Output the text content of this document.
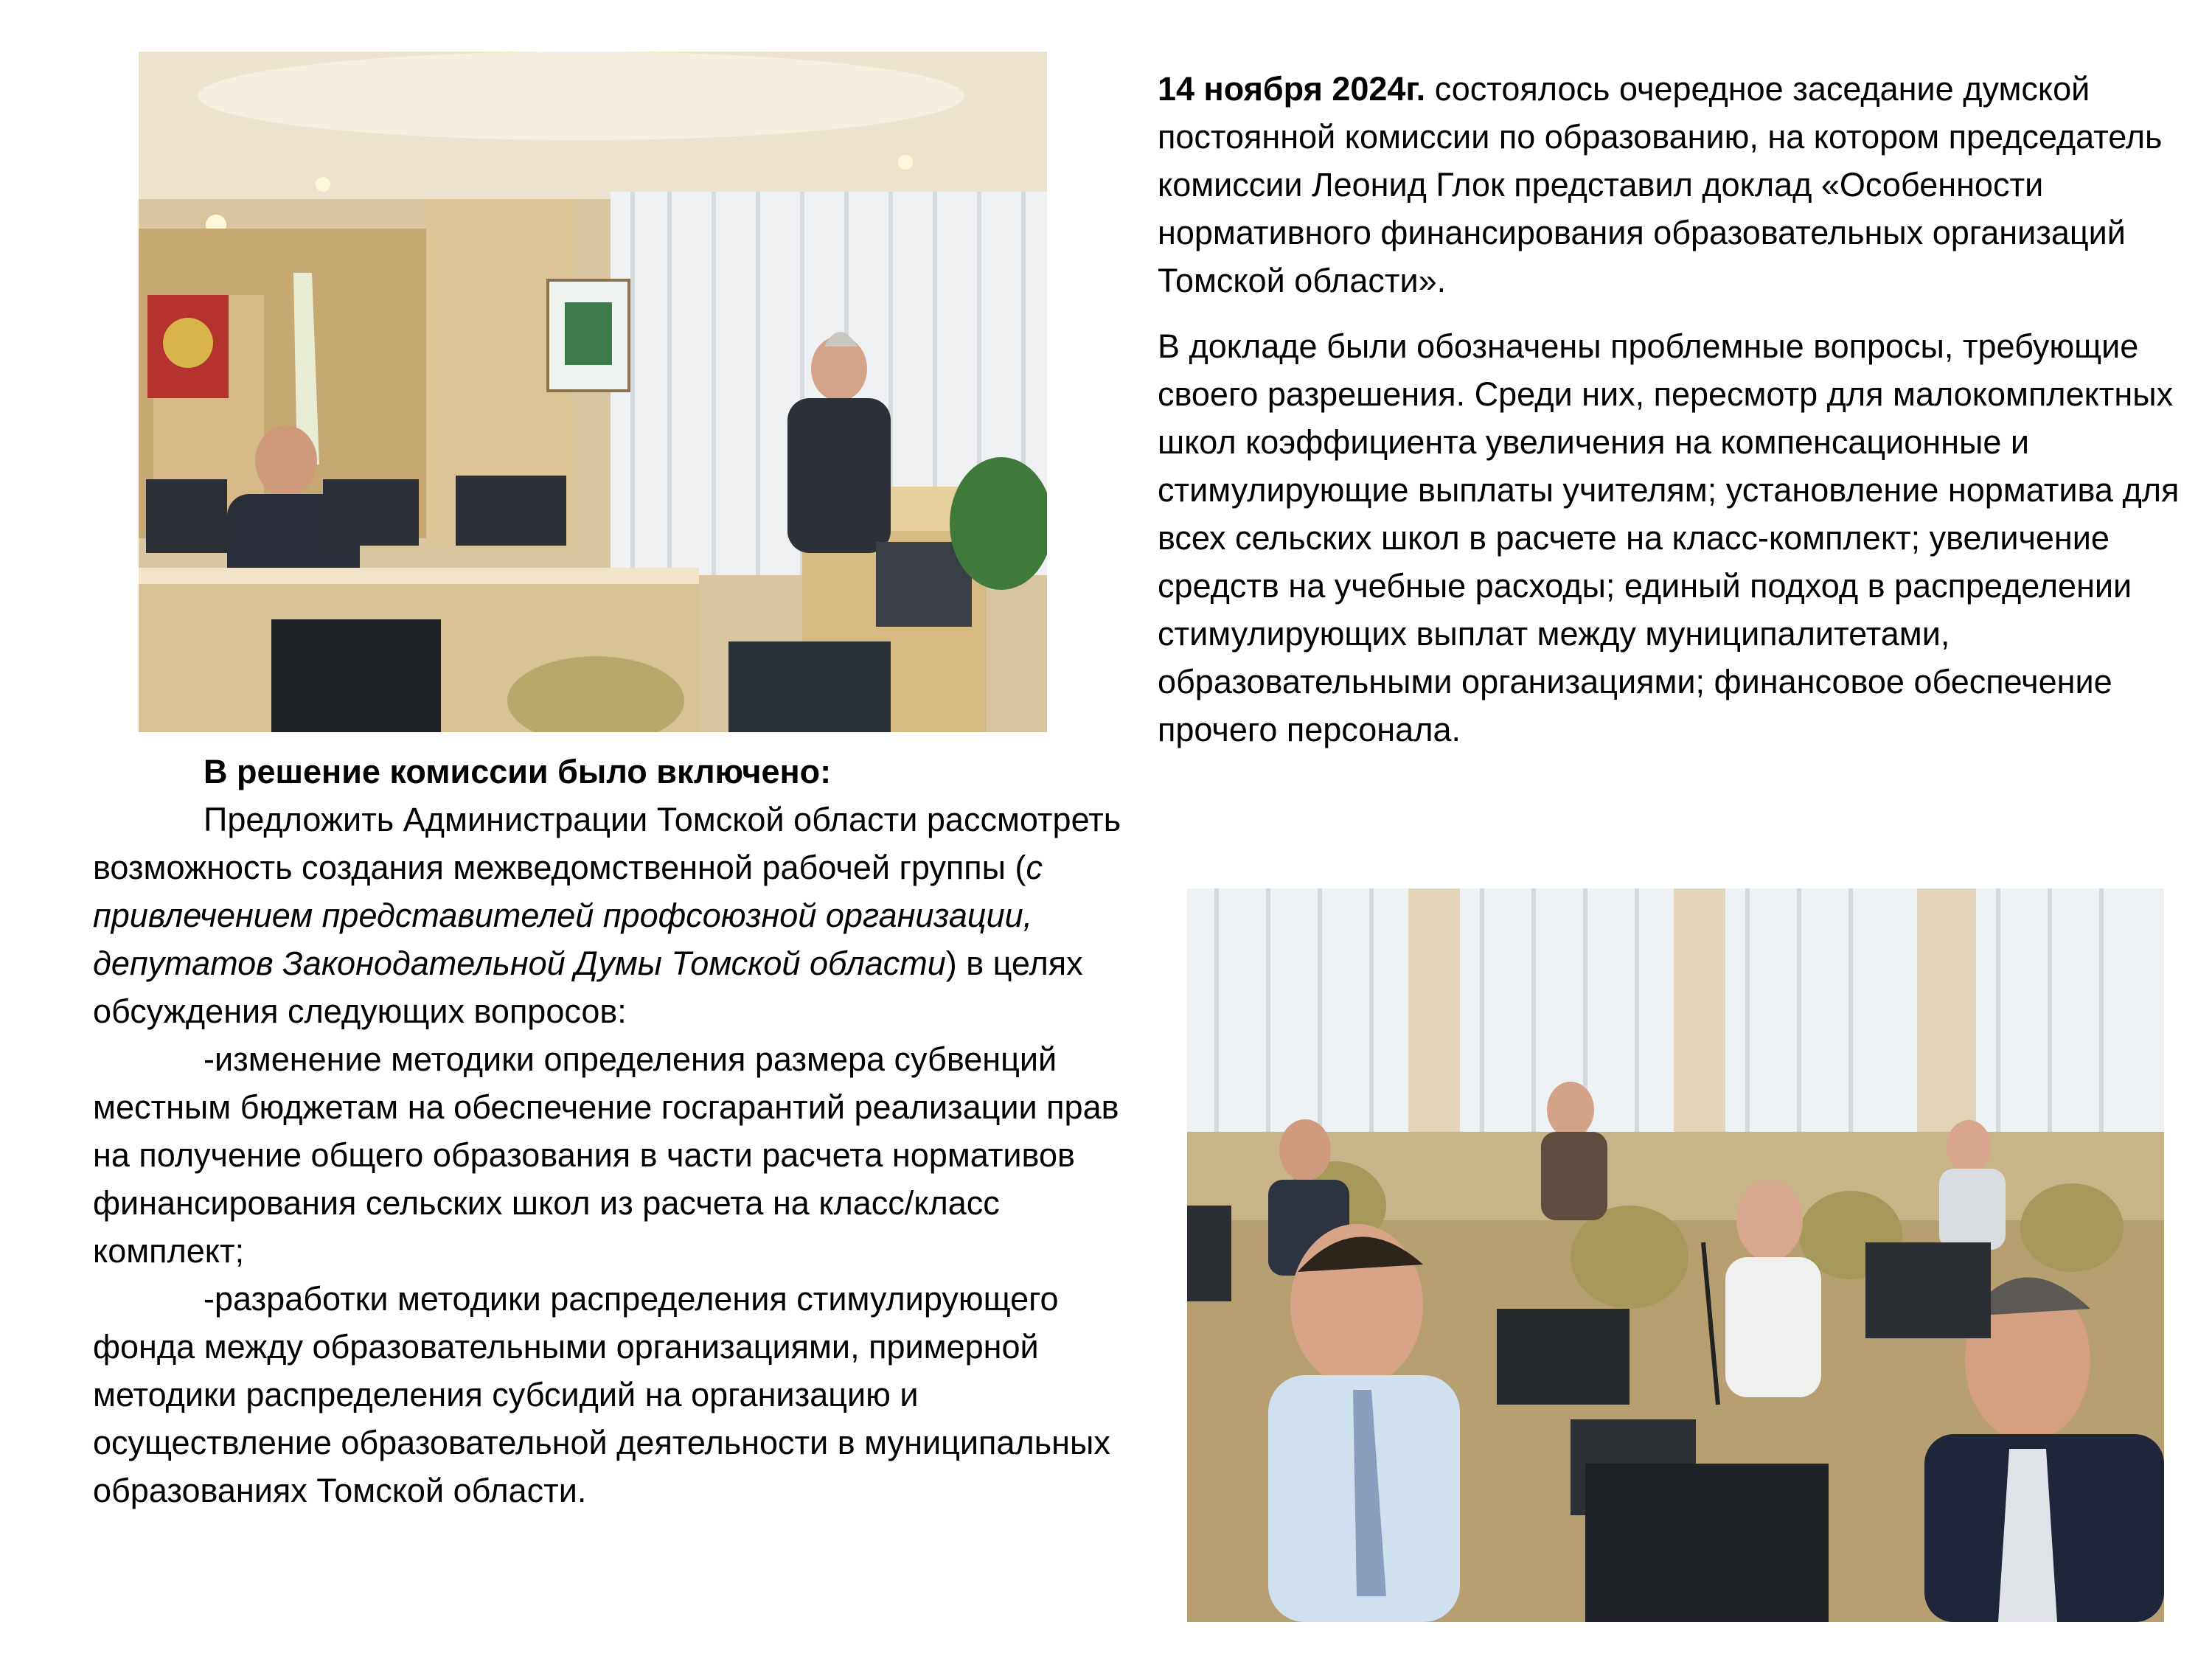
14 ноября 2024г. состоялось очередное заседание думской постоянной комиссии по образованию, на котором председатель комиссии Леонид Глок представил доклад «Особенности нормативного финансирования образовательных организаций Томской области».

В докладе были обозначены проблемные вопросы, требующие своего разрешения. Среди них, пересмотр для малокомплектных школ коэффициента увеличения на компенсационные и стимулирующие выплаты учителям; установление норматива для всех сельских школ в расчете на класс-комплект; увеличение средств на учебные расходы; единый подход в распределении стимулирующих выплат между муниципалитетами, образовательными организациями; финансовое обеспечение прочего персонала.

В решение комиссии было включено:

Предложить Администрации Томской области рассмотреть возможность создания межведомственной рабочей группы (с привлечением представителей профсоюзной организации, депутатов Законодательной Думы Томской области) в целях обсуждения следующих вопросов:

-изменение методики определения размера субвенций местным бюджетам на обеспечение госгарантий реализации прав на получение общего образования в части расчета нормативов финансирования сельских школ из расчета на класс/класс комплект;

-разработки методики распределения стимулирующего фонда между образовательными организациями, примерной методики распределения субсидий на организацию и осуществление образовательной деятельности в муниципальных образованиях Томской области.
